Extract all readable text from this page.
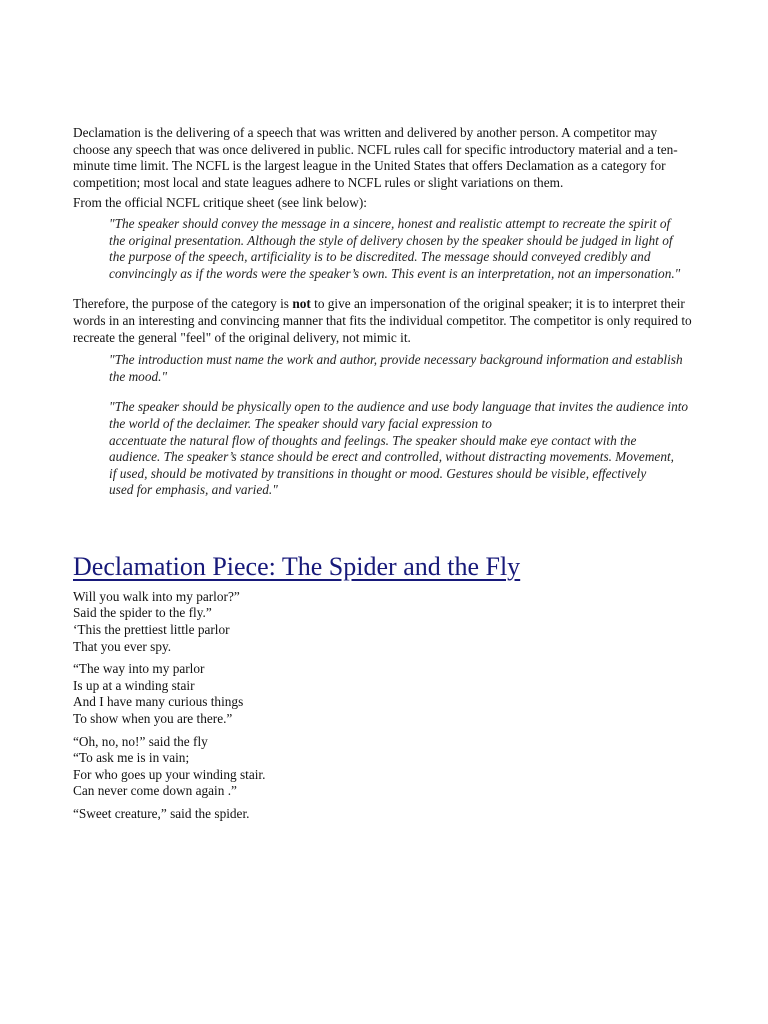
Declamation is the delivering of a speech that was written and delivered by another person. A competitor may choose any speech that was once delivered in public. NCFL rules call for specific introductory material and a ten-minute time limit. The NCFL is the largest league in the United States that offers Declamation as a category for competition; most local and state leagues adhere to NCFL rules or slight variations on them.

From the official NCFL critique sheet (see link below):

"The speaker should convey the message in a sincere, honest and realistic attempt to recreate the spirit of the original presentation. Although the style of delivery chosen by the speaker should be judged in light of the purpose of the speech, artificiality is to be discredited. The message should conveyed credibly and convincingly as if the words were the speaker’s own. This event is an interpretation, not an impersonation."

Therefore, the purpose of the category is not to give an impersonation of the original speaker; it is to interpret their words in an interesting and convincing manner that fits the individual competitor. The competitor is only required to recreate the general "feel" of the original delivery, not mimic it.

"The introduction must name the work and author, provide necessary background information and establish the mood."

"The speaker should be physically open to the audience and use body language that invites the audience into the world of the declaimer. The speaker should vary facial expression to
accentuate the natural flow of thoughts and feelings. The speaker should make eye contact with the
audience. The speaker’s stance should be erect and controlled, without distracting movements. Movement,
if used, should be motivated by transitions in thought or mood. Gestures should be visible, effectively
used for emphasis, and varied."

Declamation Piece: The Spider and the Fly
Will you walk into my parlor?”
Said the spider to the fly.”
‘This the prettiest little parlor
That you ever spy.
“The way into my parlor
Is up at a winding stair
And I have many curious things
To show when you are there.”
“Oh, no, no!” said the fly
“To ask me is in vain;
For who goes up your winding stair.
Can never come down again .”
“Sweet creature,” said the spider.
